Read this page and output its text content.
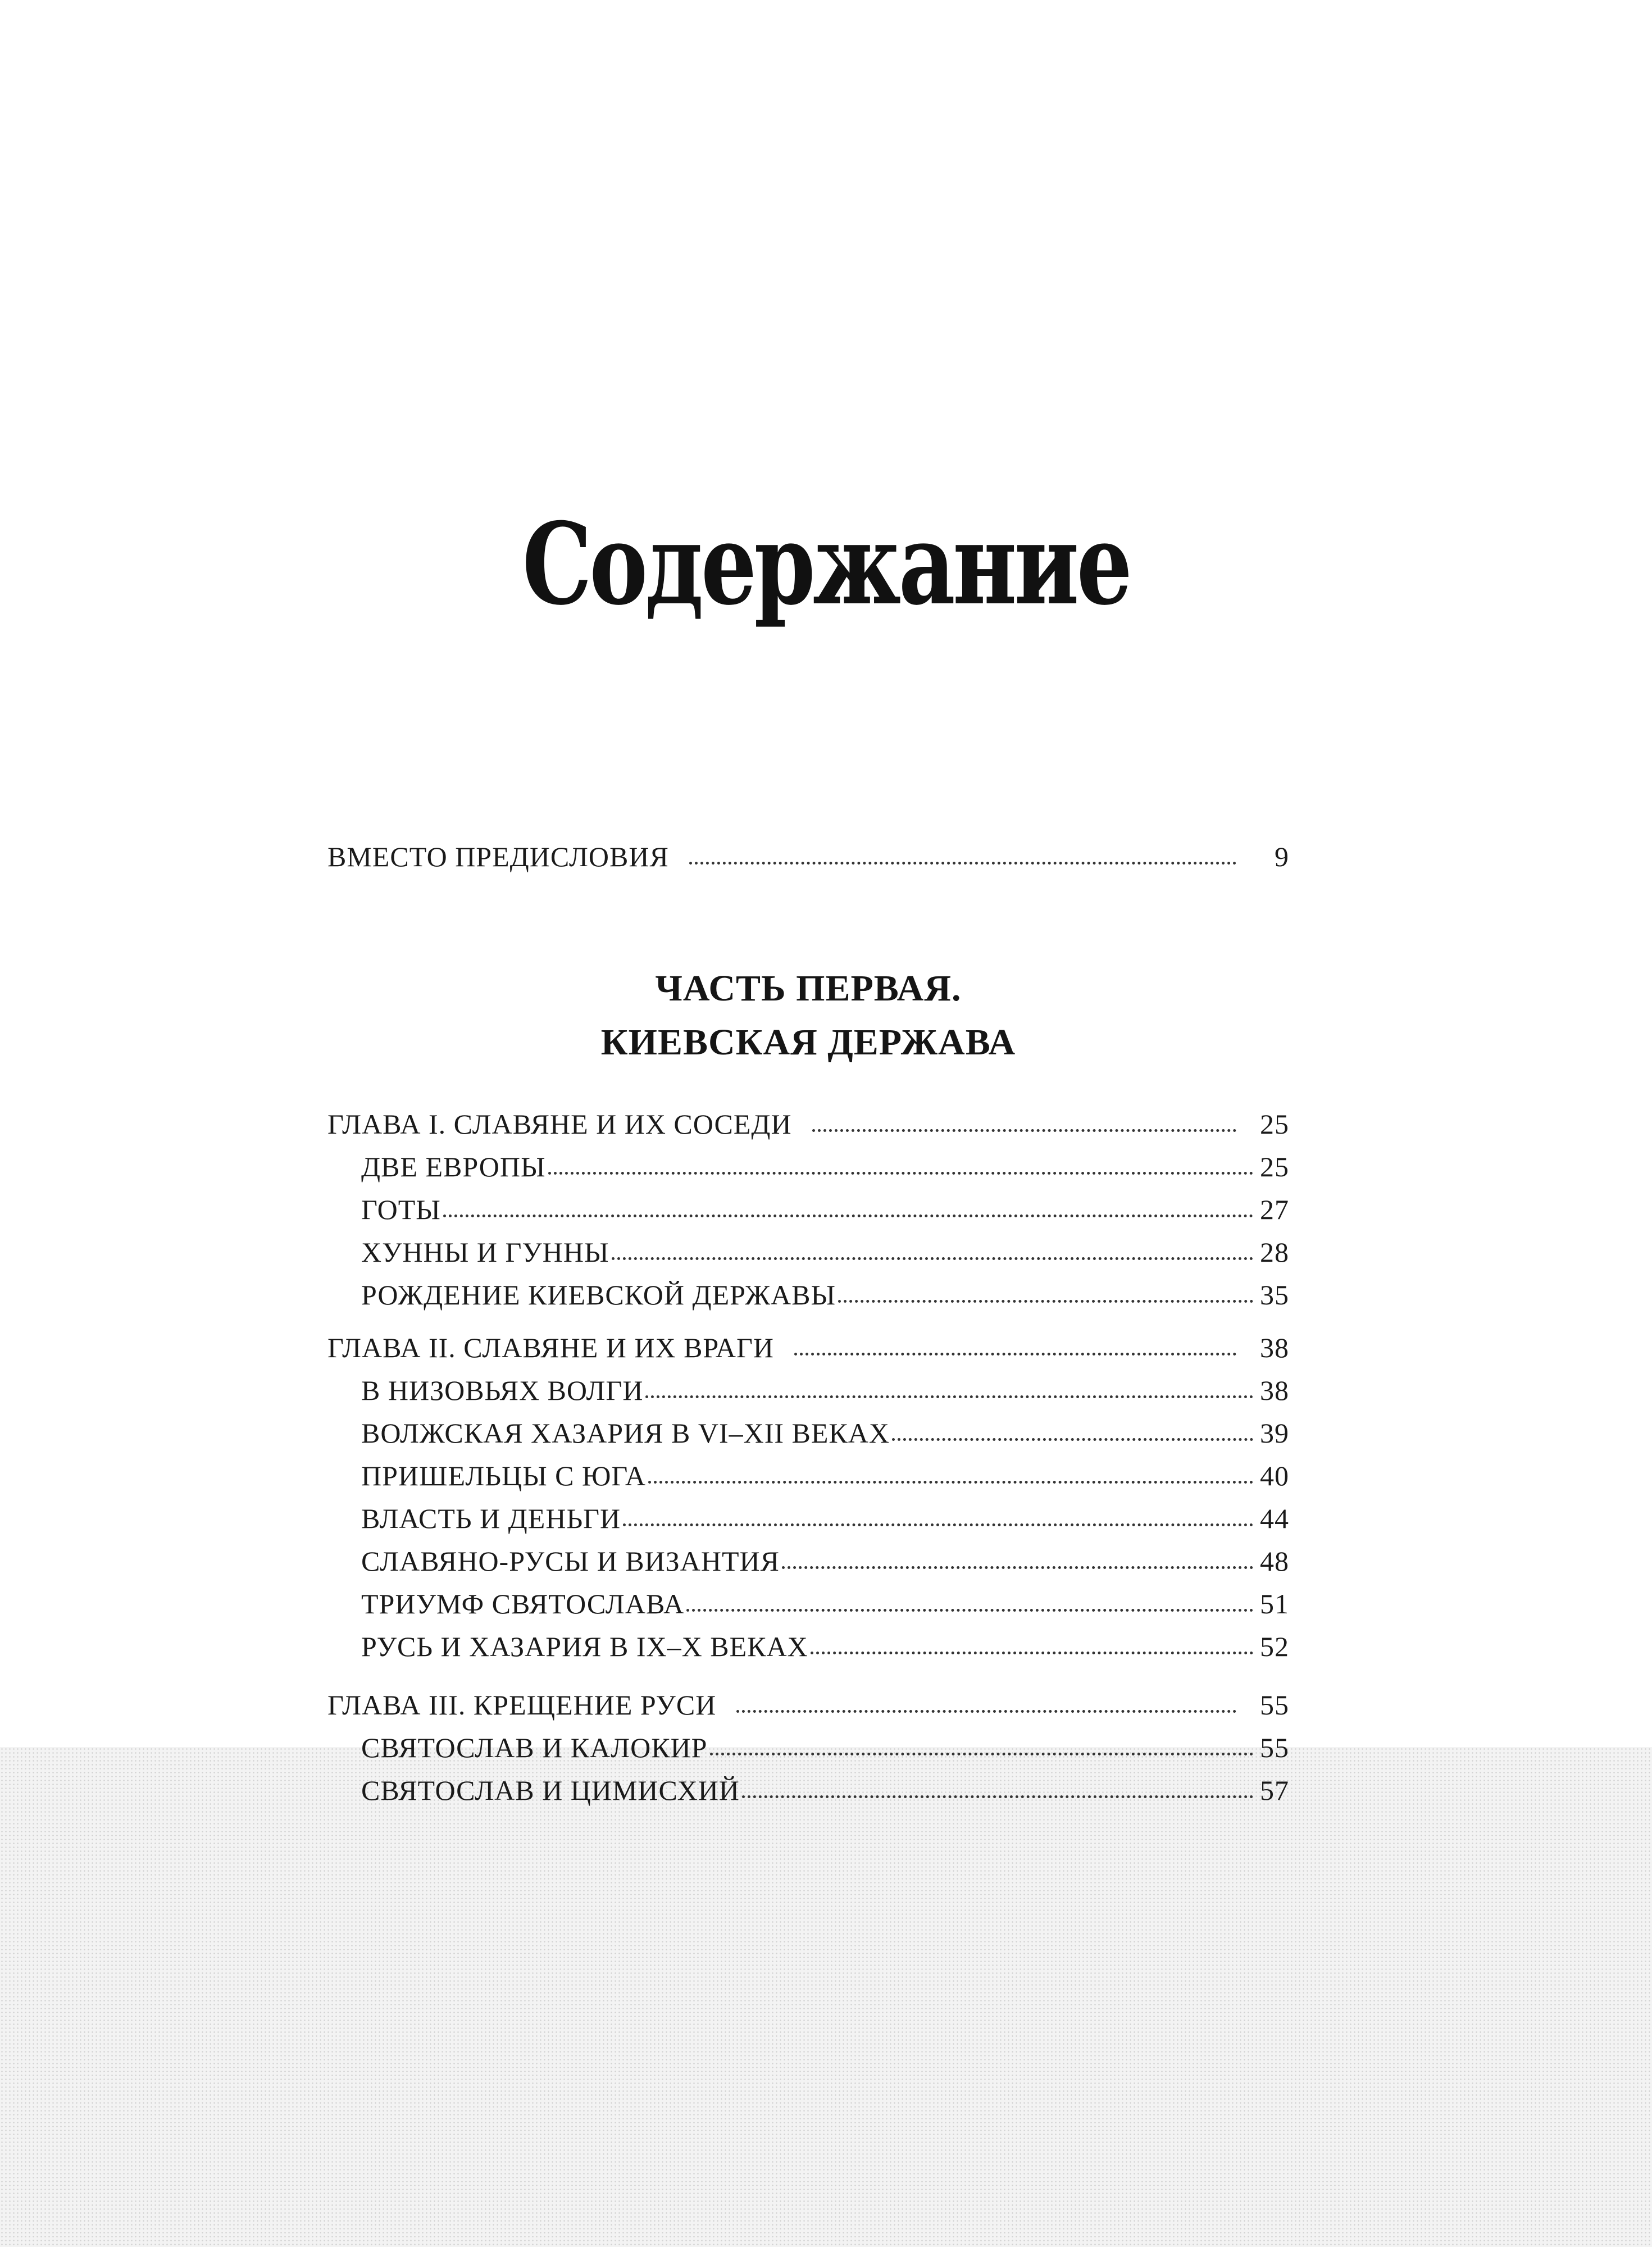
Содержание
ВМЕСТО ПРЕДИСЛОВИЯ	9
ЧАСТЬ ПЕРВАЯ.
КИЕВСКАЯ ДЕРЖАВА
ГЛАВА I. СЛАВЯНЕ И ИХ СОСЕДИ	25
ДВЕ ЕВРОПЫ	25
ГОТЫ	27
ХУННЫ И ГУННЫ	28
РОЖДЕНИЕ КИЕВСКОЙ ДЕРЖАВЫ	35
ГЛАВА II. СЛАВЯНЕ И ИХ ВРАГИ	38
В НИЗОВЬЯХ ВОЛГИ	38
ВОЛЖСКАЯ ХАЗАРИЯ В VI–XII ВЕКАХ	39
ПРИШЕЛЬЦЫ С ЮГА	40
ВЛАСТЬ И ДЕНЬГИ	44
СЛАВЯНО-РУСЫ И ВИЗАНТИЯ	48
ТРИУМФ СВЯТОСЛАВА	51
РУСЬ И ХАЗАРИЯ В IX–X ВЕКАХ	52
ГЛАВА III. КРЕЩЕНИЕ РУСИ	55
СВЯТОСЛАВ И КАЛОКИР	55
СВЯТОСЛАВ И ЦИМИСХИЙ	57
